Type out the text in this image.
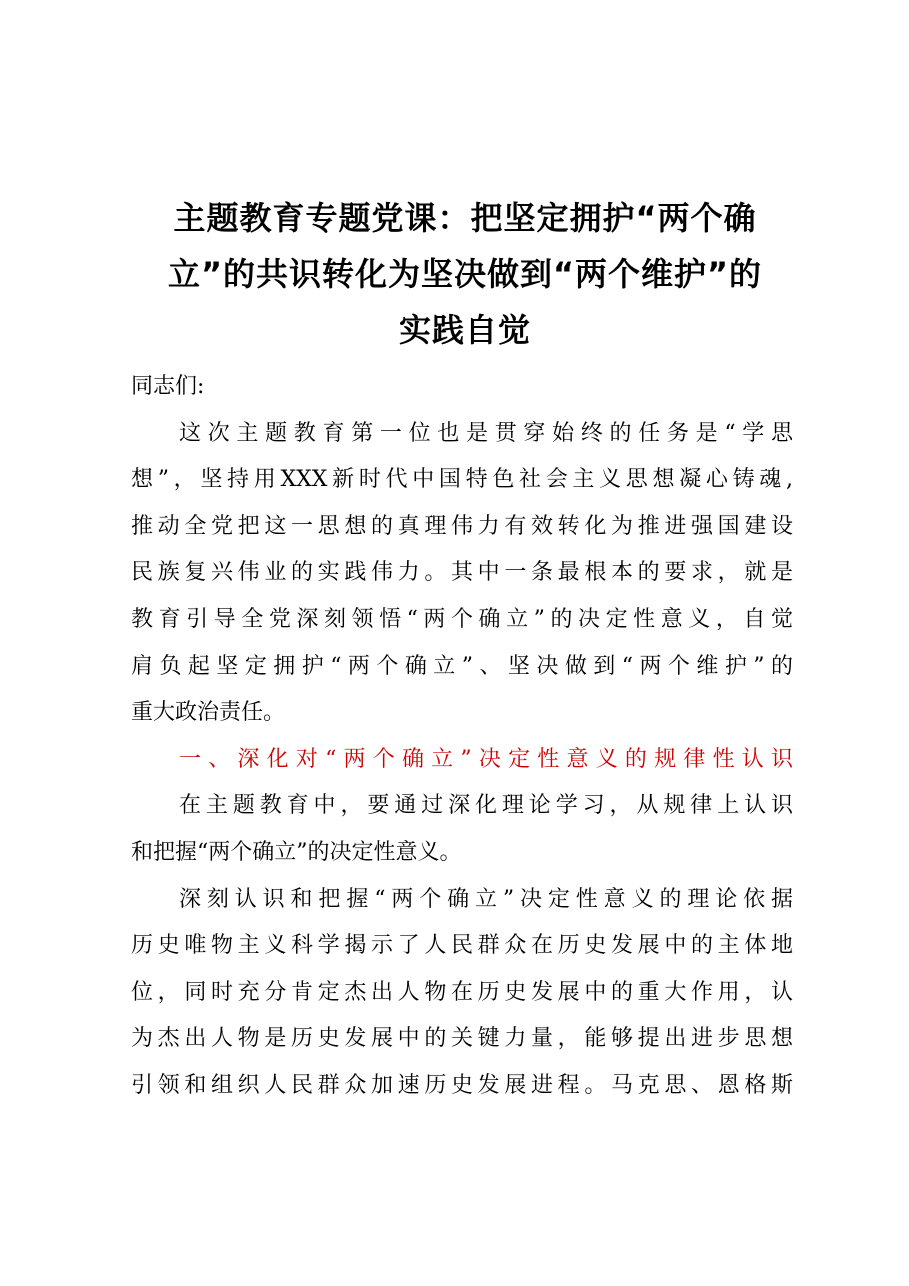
主题教育专题党课：把坚定拥护“两个确
立”的共识转化为坚决做到“两个维护”的
实践自觉
同志们:
这次主题教育第一位也是贯穿始终的任务是“学思
想”，坚持用XXX新时代中国特色社会主义思想凝心铸魂,
推动全党把这一思想的真理伟力有效转化为推进强国建设
民族复兴伟业的实践伟力。其中一条最根本的要求，就是
教育引导全党深刻领悟“两个确立”的决定性意义，自觉
肩负起坚定拥护“两个确立”、坚决做到“两个维护”的
重大政治责任。
一、深化对“两个确立”决定性意义的规律性认识
在主题教育中，要通过深化理论学习，从规律上认识
和把握“两个确立”的决定性意义。
深刻认识和把握“两个确立”决定性意义的理论依据
历史唯物主义科学揭示了人民群众在历史发展中的主体地
位，同时充分肯定杰出人物在历史发展中的重大作用，认
为杰出人物是历史发展中的关键力量，能够提出进步思想
引领和组织人民群众加速历史发展进程。马克思、恩格斯
